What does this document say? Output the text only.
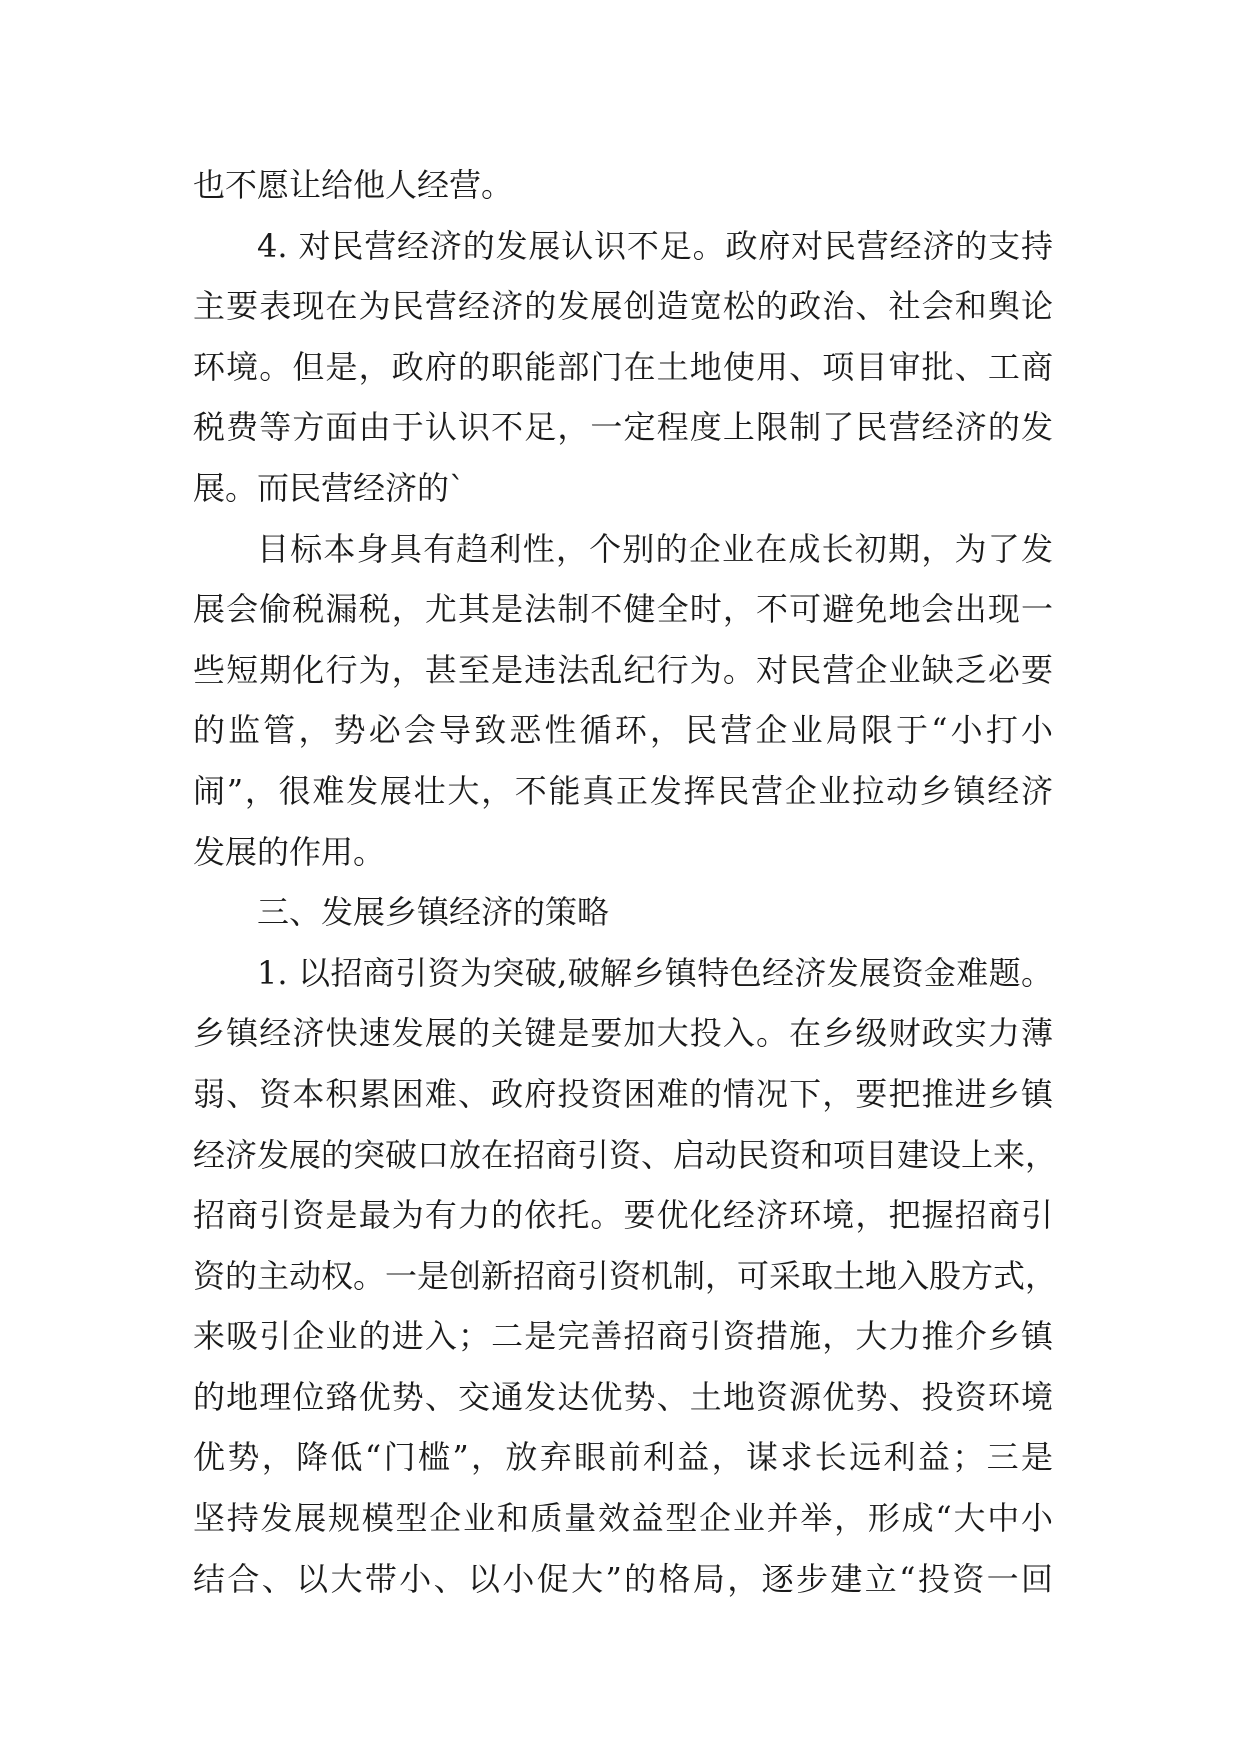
也不愿让给他人经营。
4. 对民营经济的发展认识不足。政府对民营经济的支持
主要表现在为民营经济的发展创造宽松的政治、社会和舆论
环境。但是，政府的职能部门在土地使用、项目审批、工商
税费等方面由于认识不足，一定程度上限制了民营经济的发
展。而民营经济的`
目标本身具有趋利性，个别的企业在成长初期，为了发
展会偷税漏税，尤其是法制不健全时，不可避免地会出现一
些短期化行为，甚至是违法乱纪行为。对民营企业缺乏必要
的监管，势必会导致恶性循环，民营企业局限于“小打小
闹”，很难发展壮大，不能真正发挥民营企业拉动乡镇经济
发展的作用。
三、发展乡镇经济的策略
1. 以招商引资为突破,破解乡镇特色经济发展资金难题。
乡镇经济快速发展的关键是要加大投入。在乡级财政实力薄
弱、资本积累困难、政府投资困难的情况下，要把推进乡镇
经济发展的突破口放在招商引资、启动民资和项目建设上来，
招商引资是最为有力的依托。要优化经济环境，把握招商引
资的主动权。一是创新招商引资机制，可采取土地入股方式，
来吸引企业的进入；二是完善招商引资措施，大力推介乡镇
的地理位臵优势、交通发达优势、土地资源优势、投资环境
优势，降低“门槛”，放弃眼前利益，谋求长远利益；三是
坚持发展规模型企业和质量效益型企业并举，形成“大中小
结合、以大带小、以小促大”的格局，逐步建立“投资一回
